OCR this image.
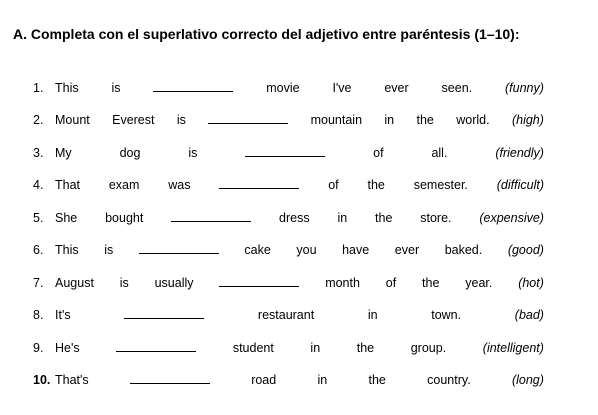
A. Completa con el superlativo correcto del adjetivo entre paréntesis (1–10):
1. This	is	movie	I've	ever	seen.	(funny)
2. Mount Everest is	mountain in the world. (high)
3. My	dog	is	of	all.	(friendly)
4. That exam was	of the semester. (difficult)
5. She bought	dress in the store. (expensive)
6. This is	cake you have ever baked. (good)
7. August is usually	month of the year. (hot)
8. It's	restaurant	in	town.	(bad)
9. He's	student	in	the	group.	(intelligent)
10. That's	road	in	the	country.	(long)
